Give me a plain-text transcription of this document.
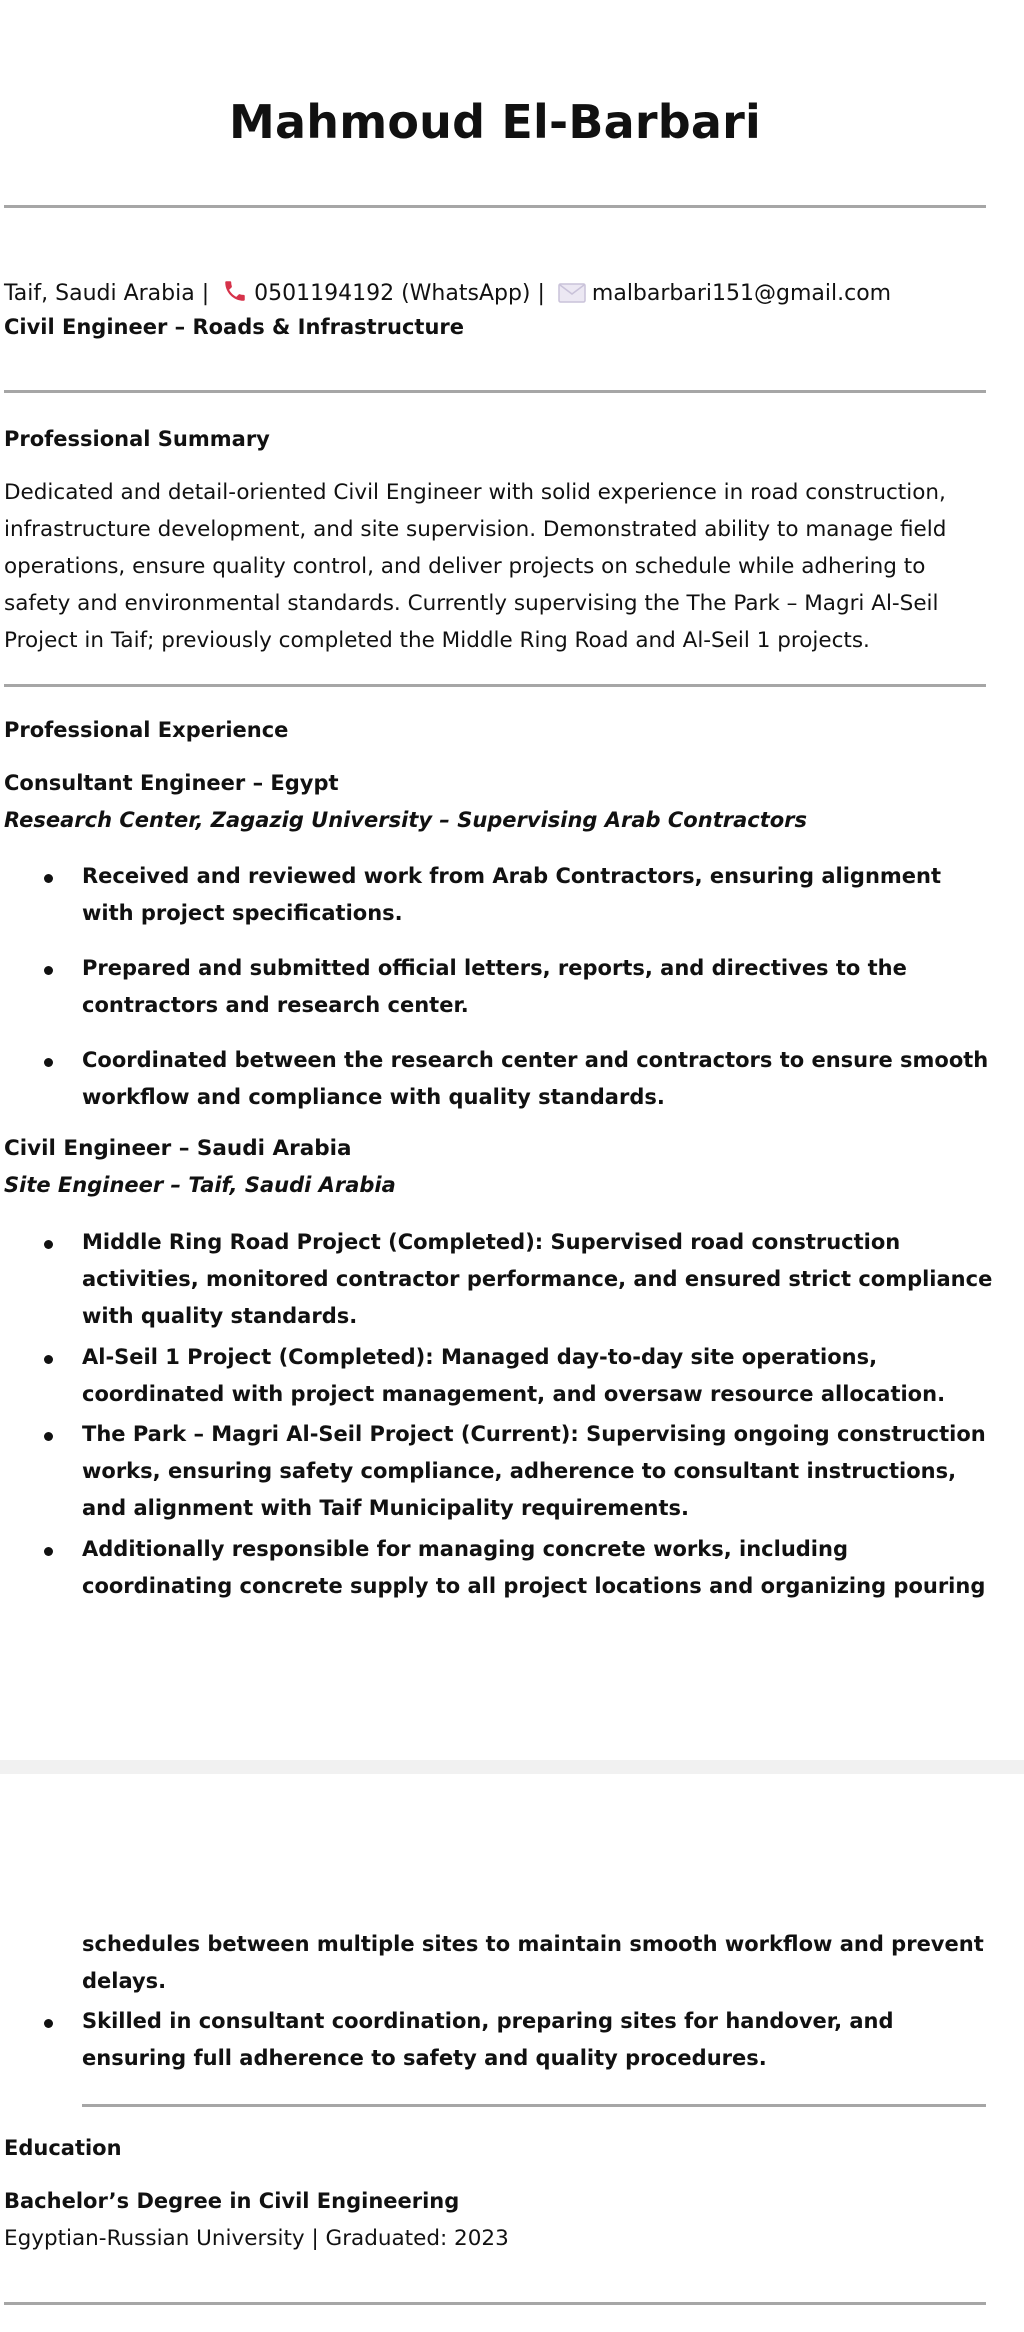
Mahmoud El-Barbari
Taif, Saudi Arabia | 0501194192 (WhatsApp) | malbarbari151@gmail.com
Civil Engineer – Roads & Infrastructure
Professional Summary
Dedicated and detail-oriented Civil Engineer with solid experience in road construction, infrastructure development, and site supervision. Demonstrated ability to manage field operations, ensure quality control, and deliver projects on schedule while adhering to safety and environmental standards. Currently supervising the The Park – Magri Al-Seil Project in Taif; previously completed the Middle Ring Road and Al-Seil 1 projects.
Professional Experience
Consultant Engineer – Egypt
Research Center, Zagazig University – Supervising Arab Contractors
Received and reviewed work from Arab Contractors, ensuring alignment with project specifications.
Prepared and submitted official letters, reports, and directives to the contractors and research center.
Coordinated between the research center and contractors to ensure smooth workflow and compliance with quality standards.
Civil Engineer – Saudi Arabia
Site Engineer – Taif, Saudi Arabia
Middle Ring Road Project (Completed): Supervised road construction activities, monitored contractor performance, and ensured strict compliance with quality standards.
Al-Seil 1 Project (Completed): Managed day-to-day site operations, coordinated with project management, and oversaw resource allocation.
The Park – Magri Al-Seil Project (Current): Supervising ongoing construction works, ensuring safety compliance, adherence to consultant instructions, and alignment with Taif Municipality requirements.
Additionally responsible for managing concrete works, including coordinating concrete supply to all project locations and organizing pouring
schedules between multiple sites to maintain smooth workflow and prevent delays.
Skilled in consultant coordination, preparing sites for handover, and ensuring full adherence to safety and quality procedures.
Education
Bachelor’s Degree in Civil Engineering
Egyptian-Russian University | Graduated: 2023
